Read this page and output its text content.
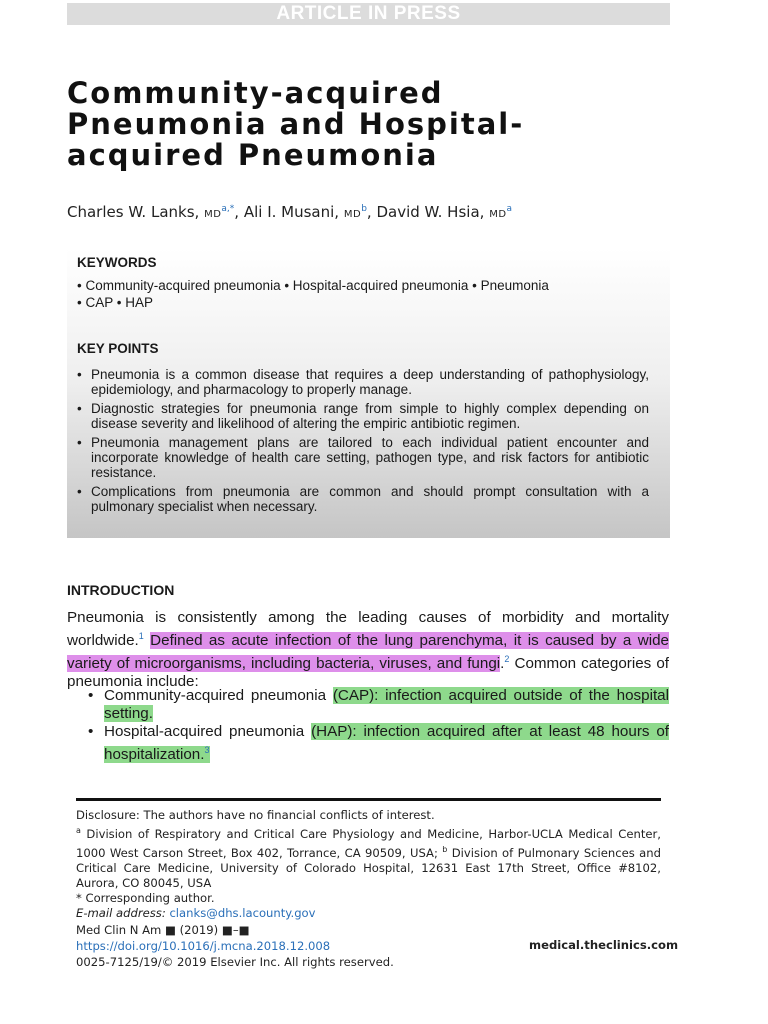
ARTICLE IN PRESS
Community-acquired Pneumonia and Hospital-acquired Pneumonia

Charles W. Lanks, $MD^{a,*}$, Ali I. Musani, $MD^b$, David W. Hsia, $MD^a$

KEYWORDS

• Community-acquired pneumonia • Hospital-acquired pneumonia • Pneumonia

• CAP • HAP

KEY POINTS

• Pneumonia is a common disease that requires a deep understanding of pathophysiology, epidemiology, and pharmacology to properly manage.
• Diagnostic strategies for pneumonia range from simple to highly complex depending on disease severity and likelihood of altering the empiric antibiotic regimen.
• Pneumonia management plans are tailored to each individual patient encounter and incorporate knowledge of health care setting, pathogen type, and risk factors for antibiotic resistance.
• Complications from pneumonia are common and should prompt consultation with a pulmonary specialist when necessary.
INTRODUCTION

Pneumonia is consistently among the leading causes of morbidity and mortality worldwide.$^1$ Defined as acute infection of the lung parenchyma, it is caused by a wide variety of microorganisms, including bacteria, viruses, and fungi.$^2$ Common categories of pneumonia include:

• Community-acquired pneumonia (CAP): infection acquired outside of the hospital setting.
• Hospital-acquired pneumonia (HAP): infection acquired after at least 48 hours of hospitalization.$^3$

Disclosure: The authors have no financial conflicts of interest.

$^a$ Division of Respiratory and Critical Care Physiology and Medicine, Harbor-UCLA Medical Center, 1000 West Carson Street, Box 402, Torrance, CA 90509, USA; $^b$ Division of Pulmonary Sciences and Critical Care Medicine, University of Colorado Hospital, 12631 East 17th Street, Office #8102, Aurora, CO 80045, USA

* Corresponding author.

E-mail address: clanks@dhs.lacounty.gov

Med Clin N Am ■ (2019) ■–■

https://doi.org/10.1016/j.mcna.2018.12.008

0025-7125/19/© 2019 Elsevier Inc. All rights reserved.

medical.theclinics.com
